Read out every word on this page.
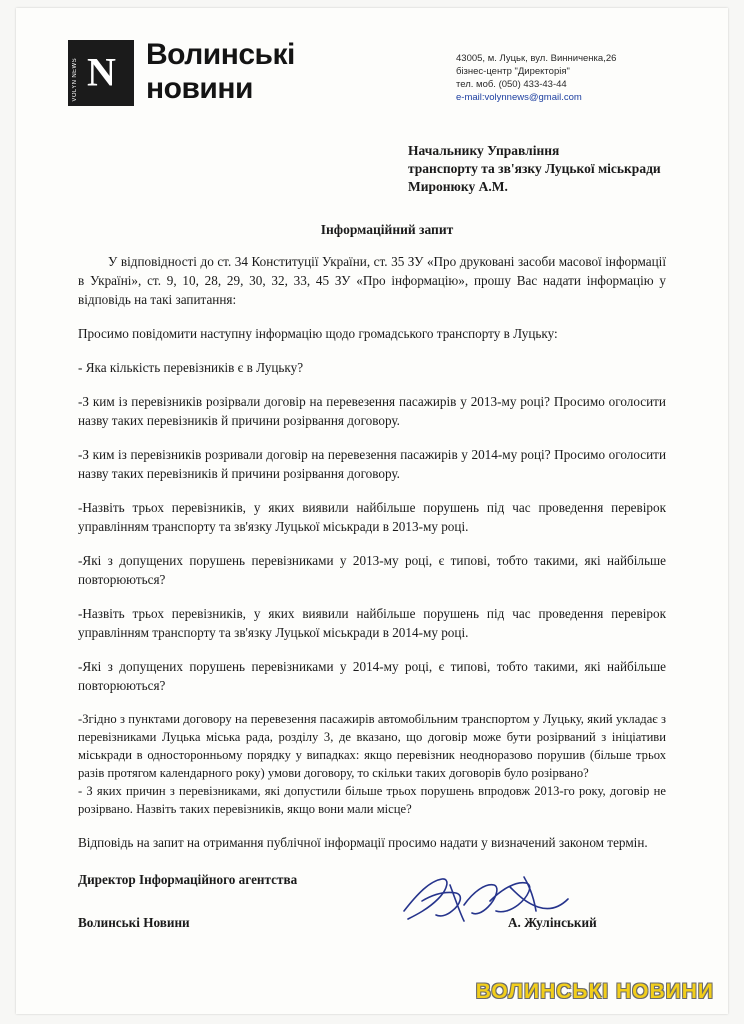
N
VOLYN NEWS
Волинські
новини
43005, м. Луцьк, вул. Винниченка,26
бізнес-центр "Директорія"
тел. моб. (050) 433-43-44
e-mail:volynnews@gmail.com
Начальнику Управління
транспорту та зв'язку Луцької міськради
Миронюку А.М.
Інформаційний запит

У відповідності до ст. 34 Конституції України, ст. 35 ЗУ «Про друковані засоби масової інформації в Україні», ст. 9, 10, 28, 29, 30, 32, 33, 45 ЗУ «Про інформацію», прошу Вас надати інформацію у відповідь на такі запитання:

Просимо повідомити наступну інформацію щодо громадського транспорту в Луцьку:

- Яка кількість перевізників є в Луцьку?

-З ким із перевізників розірвали договір на перевезення пасажирів у 2013-му році? Просимо оголосити назву таких перевізників й причини розірвання договору.

-З ким із перевізників розривали договір на перевезення пасажирів у 2014-му році? Просимо оголосити назву таких перевізників й причини розірвання договору.

-Назвіть трьох перевізників, у яких виявили найбільше порушень під час проведення перевірок управлінням транспорту та зв'язку Луцької міськради в 2013-му році.

-Які з допущених порушень перевізниками у 2013-му році, є типові, тобто такими, які найбільше повторюються?

-Назвіть трьох перевізників, у яких виявили найбільше порушень під час проведення перевірок управлінням транспорту та зв'язку Луцької міськради в 2014-му році.

-Які з допущених порушень перевізниками у 2014-му році, є типові, тобто такими, які найбільше повторюються?

-Згідно з пунктами договору на перевезення пасажирів автомобільним транспортом у Луцьку, який укладає з перевізниками Луцька міська рада, розділу 3, де вказано, що договір може бути розірваний з ініціативи міськради в односторонньому порядку у випадках: якщо перевізник неодноразово порушив (більше трьох разів протягом календарного року) умови договору, то скільки таких договорів було розірвано?

- З яких причин з перевізниками, які допустили більше трьох порушень впродовж 2013-го року, договір не розірвано. Назвіть таких перевізників, якщо вони мали місце?

Відповідь на запит на отримання публічної інформації просимо надати у визначений законом термін.

Директор Інформаційного агентства
Волинські Новини	А. Жулінський
ВОЛИНСЬКІ НОВИНИ
